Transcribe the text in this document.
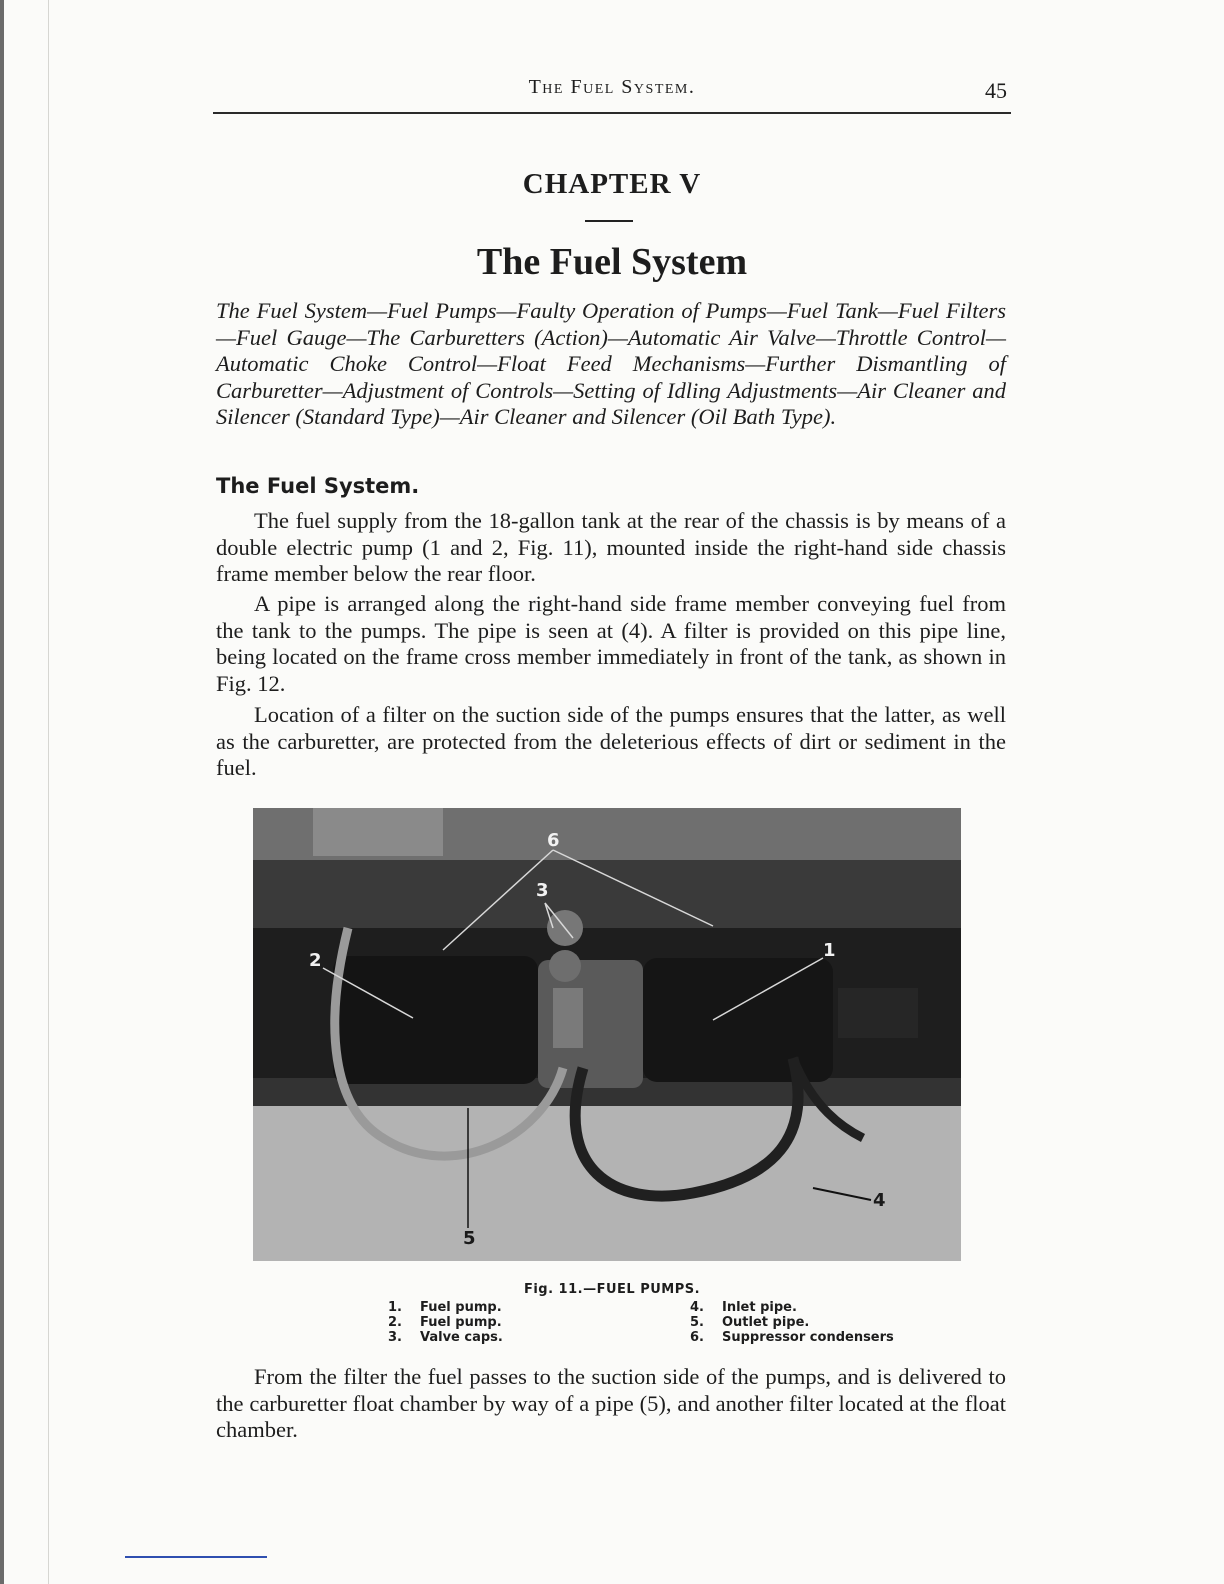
The Fuel System.	45
CHAPTER V
The Fuel System
The Fuel System—Fuel Pumps—Faulty Operation of Pumps—Fuel Tank—Fuel Filters—Fuel Gauge—The Carburetters (Action)—Automatic Air Valve—Throttle Control—Automatic Choke Control—Float Feed Mechanisms—Further Dismantling of Carburetter—Adjustment of Controls—Setting of Idling Adjustments—Air Cleaner and Silencer (Standard Type)—Air Cleaner and Silencer (Oil Bath Type).
The Fuel System.

The fuel supply from the 18-gallon tank at the rear of the chassis is by means of a double electric pump (1 and 2, Fig. 11), mounted inside the right-hand side chassis frame member below the rear floor.

A pipe is arranged along the right-hand side frame member conveying fuel from the tank to the pumps. The pipe is seen at (4). A filter is provided on this pipe line, being located on the frame cross member immediately in front of the tank, as shown in Fig. 12.

Location of a filter on the suction side of the pumps ensures that the latter, as well as the carburetter, are protected from the deleterious effects of dirt or sediment in the fuel.

6
3
2	1
4
5
Fig. 11.—FUEL PUMPS.
1. Fuel pump.
2. Fuel pump.
3. Valve caps.
4. Inlet pipe.
5. Outlet pipe.
6. Suppressor condensers

From the filter the fuel passes to the suction side of the pumps, and is delivered to the carburetter float chamber by way of a pipe (5), and another filter located at the float chamber.
